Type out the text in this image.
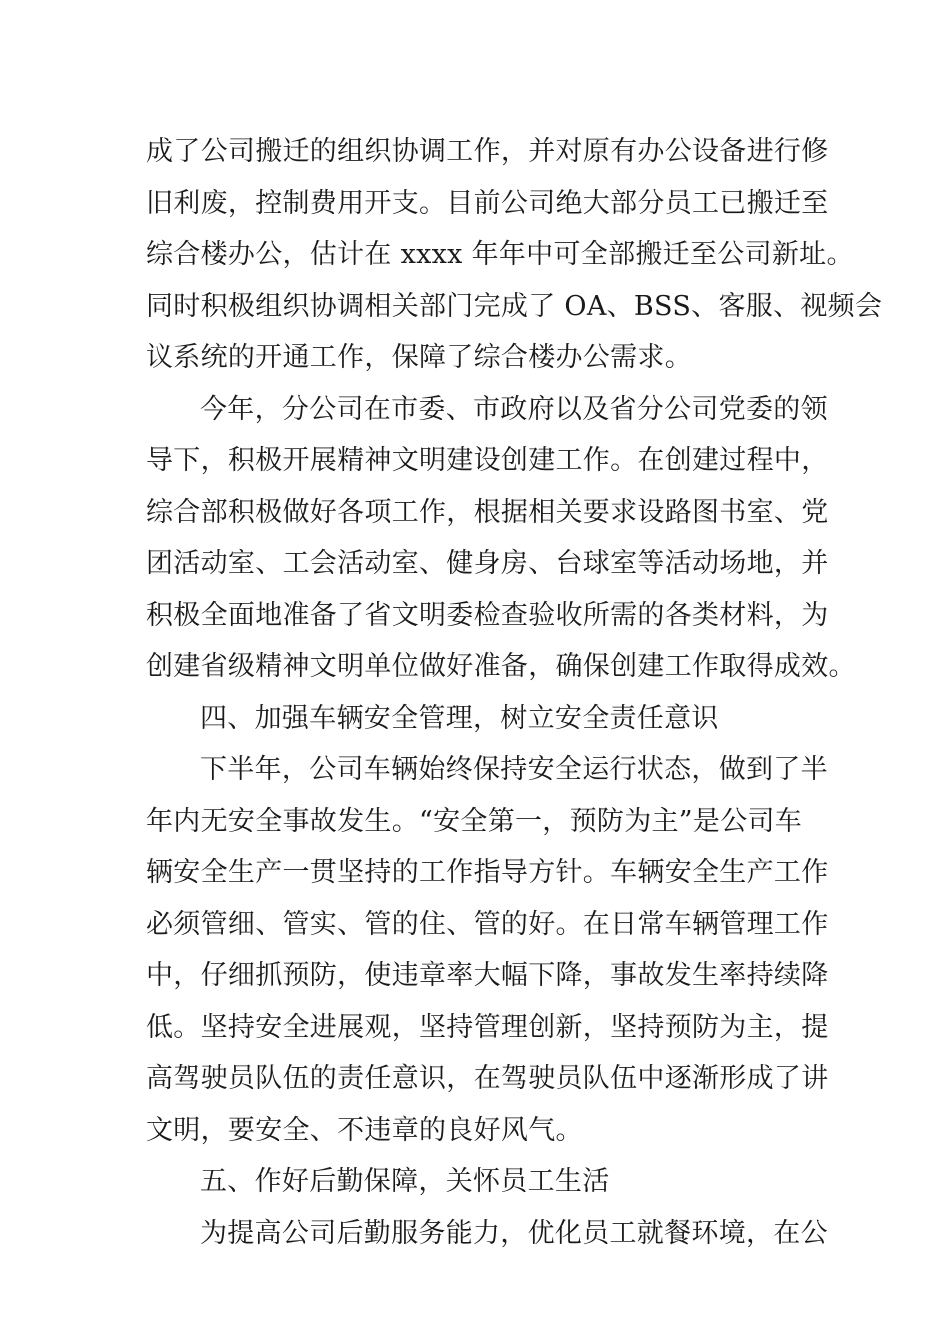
成了公司搬迁的组织协调工作，并对原有办公设备进行修
旧利废，控制费用开支。目前公司绝大部分员工已搬迁至
综合楼办公，估计在 xxxx 年年中可全部搬迁至公司新址。
同时积极组织协调相关部门完成了 OA、BSS、客服、视频会
议系统的开通工作，保障了综合楼办公需求。
今年，分公司在市委、市政府以及省分公司党委的领
导下，积极开展精神文明建设创建工作。在创建过程中，
综合部积极做好各项工作，根据相关要求设路图书室、党
团活动室、工会活动室、健身房、台球室等活动场地，并
积极全面地准备了省文明委检查验收所需的各类材料，为
创建省级精神文明单位做好准备，确保创建工作取得成效。
四、加强车辆安全管理，树立安全责任意识
下半年，公司车辆始终保持安全运行状态，做到了半
年内无安全事故发生。“安全第一，预防为主”是公司车
辆安全生产一贯坚持的工作指导方针。车辆安全生产工作
必须管细、管实、管的住、管的好。在日常车辆管理工作
中，仔细抓预防，使违章率大幅下降，事故发生率持续降
低。坚持安全进展观，坚持管理创新，坚持预防为主，提
高驾驶员队伍的责任意识，在驾驶员队伍中逐渐形成了讲
文明，要安全、不违章的良好风气。
五、作好后勤保障，关怀员工生活
为提高公司后勤服务能力，优化员工就餐环境，在公
